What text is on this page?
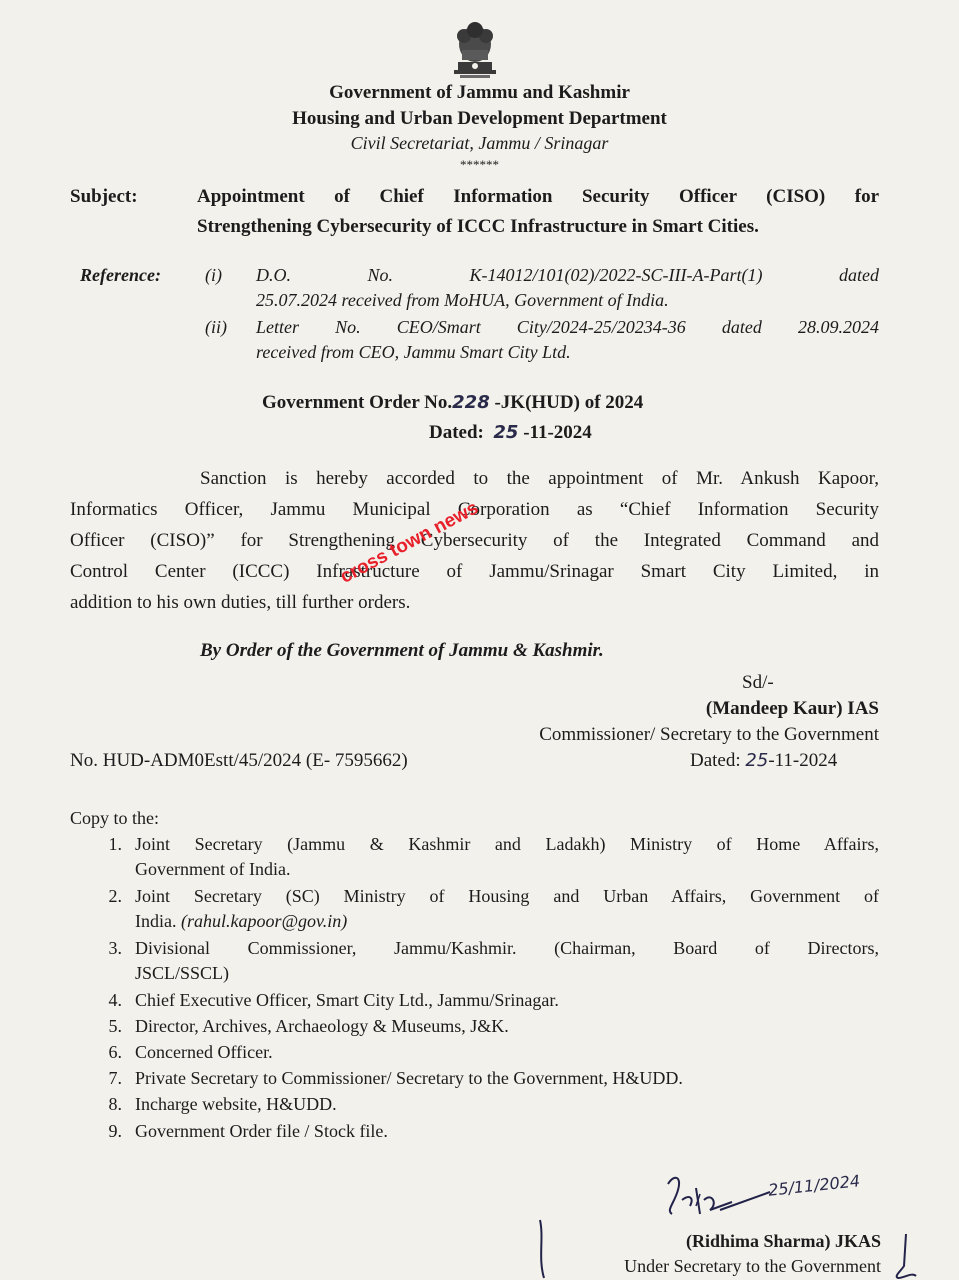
Government of Jammu and Kashmir
Housing and Urban Development Department
Civil Secretariat, Jammu / Srinagar
******
Subject:	Appointment of Chief Information Security Officer (CISO) for
Strengthening Cybersecurity of ICCC Infrastructure in Smart Cities.
Reference: (i) D.O. No. K-14012/101(02)/2022-SC-III-A-Part(1) dated
25.07.2024 received from MoHUA, Government of India.
(ii) Letter No. CEO/Smart City/2024-25/20234-36 dated 28.09.2024
received from CEO, Jammu Smart City Ltd.
Government Order No.228 -JK(HUD) of 2024
Dated: 25 -11-2024
Sanction is hereby accorded to the appointment of Mr. Ankush Kapoor,
Informatics Officer, Jammu Municipal Corporation as “Chief Information Security
Officer (CISO)” for Strengthening Cybersecurity of the Integrated Command and
Control Center (ICCC) Infrastructure of Jammu/Srinagar Smart City Limited, in
addition to his own duties, till further orders.
cross town news
By Order of the Government of Jammu & Kashmir.
Sd/-
(Mandeep Kaur) IAS
Commissioner/ Secretary to the Government
No. HUD-ADM0Estt/45/2024 (E- 7595662)	Dated: 25-11-2024
Copy to the:
1. Joint Secretary (Jammu & Kashmir and Ladakh) Ministry of Home Affairs,
Government of India.
2. Joint Secretary (SC) Ministry of Housing and Urban Affairs, Government of
India. (rahul.kapoor@gov.in)
3. Divisional Commissioner, Jammu/Kashmir. (Chairman, Board of Directors,
JSCL/SSCL)
4. Chief Executive Officer, Smart City Ltd., Jammu/Srinagar.
5. Director, Archives, Archaeology & Museums, J&K.
6. Concerned Officer.
7. Private Secretary to Commissioner/ Secretary to the Government, H&UDD.
8. Incharge website, H&UDD.
9. Government Order file / Stock file.
25/11/2024
(Ridhima Sharma) JKAS
Under Secretary to the Government
